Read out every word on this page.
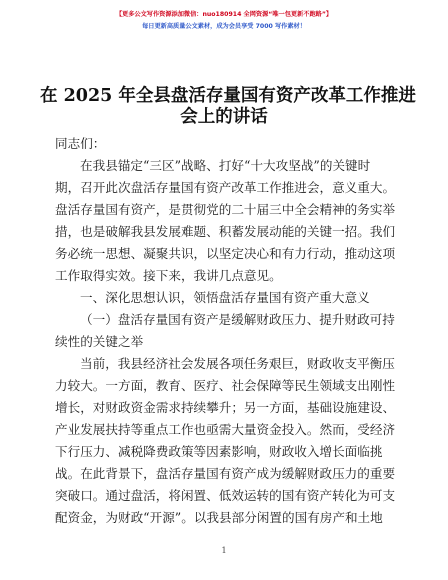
【更多公文写作资源添加微信：nuo180914 全网资源“唯一包更新不跑路”】
每日更新高质量公文素材，成为会员享受 7000 写作素材！
在 2025 年全县盘活存量国有资产改革工作推进
会上的讲话
同志们：
在我县锚定“三区”战略、打好“十大攻坚战”的关键时
期，召开此次盘活存量国有资产改革工作推进会，意义重大。
盘活存量国有资产，是贯彻党的二十届三中全会精神的务实举
措，也是破解我县发展难题、积蓄发展动能的关键一招。我们
务必统一思想、凝聚共识，以坚定决心和有力行动，推动这项
工作取得实效。接下来，我讲几点意见。
一、深化思想认识，领悟盘活存量国有资产重大意义
（一）盘活存量国有资产是缓解财政压力、提升财政可持
续性的关键之举
当前，我县经济社会发展各项任务艰巨，财政收支平衡压
力较大。一方面，教育、医疗、社会保障等民生领域支出刚性
增长，对财政资金需求持续攀升；另一方面，基础设施建设、
产业发展扶持等重点工作也亟需大量资金投入。然而，受经济
下行压力、减税降费政策等因素影响，财政收入增长面临挑
战。在此背景下，盘活存量国有资产成为缓解财政压力的重要
突破口。通过盘活，将闲置、低效运转的国有资产转化为可支
配资金，为财政“开源”。以我县部分闲置的国有房产和土地
1
